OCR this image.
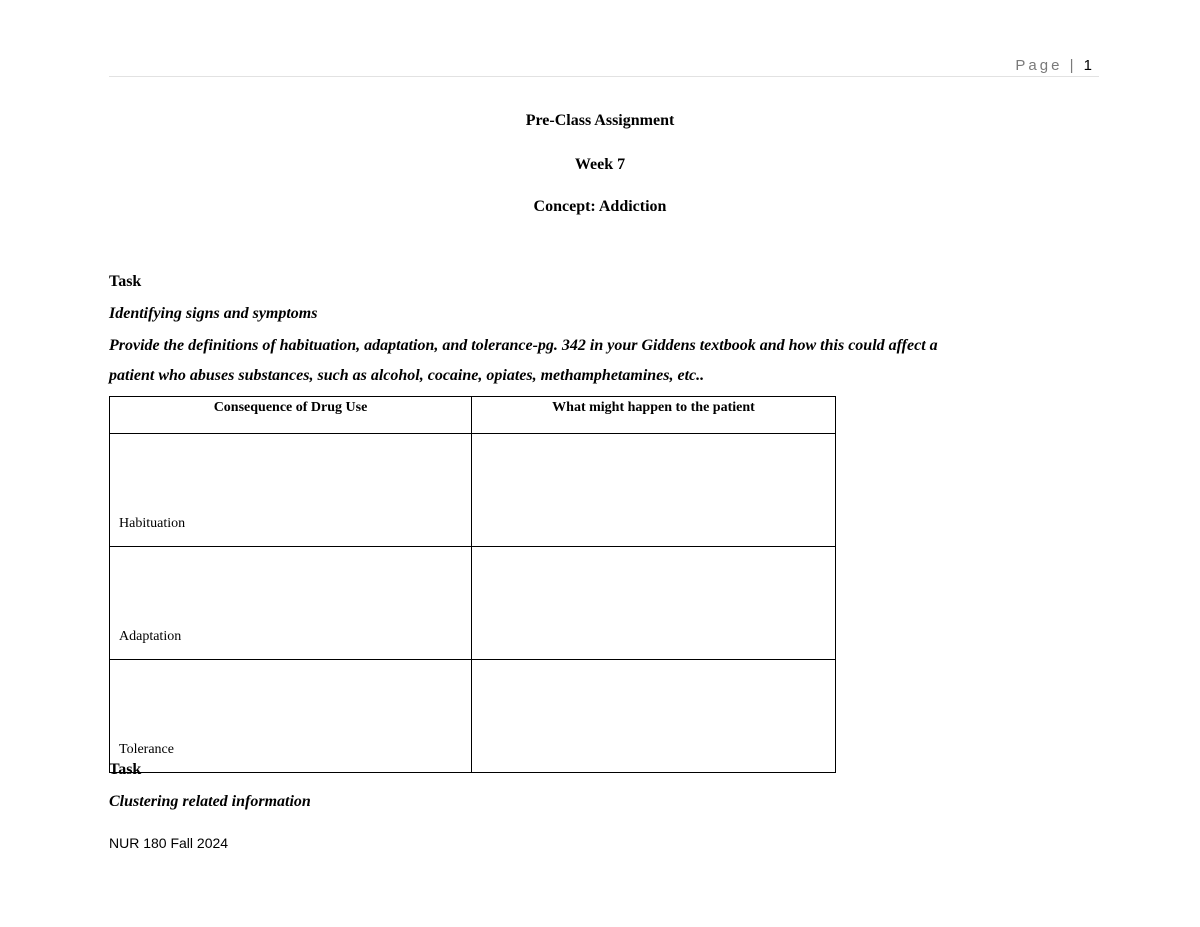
Page | 1
Pre-Class Assignment
Week 7
Concept: Addiction
Task
Identifying signs and symptoms
Provide the definitions of habituation, adaptation, and tolerance-pg. 342 in your Giddens textbook and how this could affect a
patient who abuses substances, such as alcohol, cocaine, opiates, methamphetamines, etc..
Consequence of Drug Use	What might happen to the patient
Habituation	
Adaptation	
Tolerance	
Task
Clustering related information
NUR 180 Fall 2024
